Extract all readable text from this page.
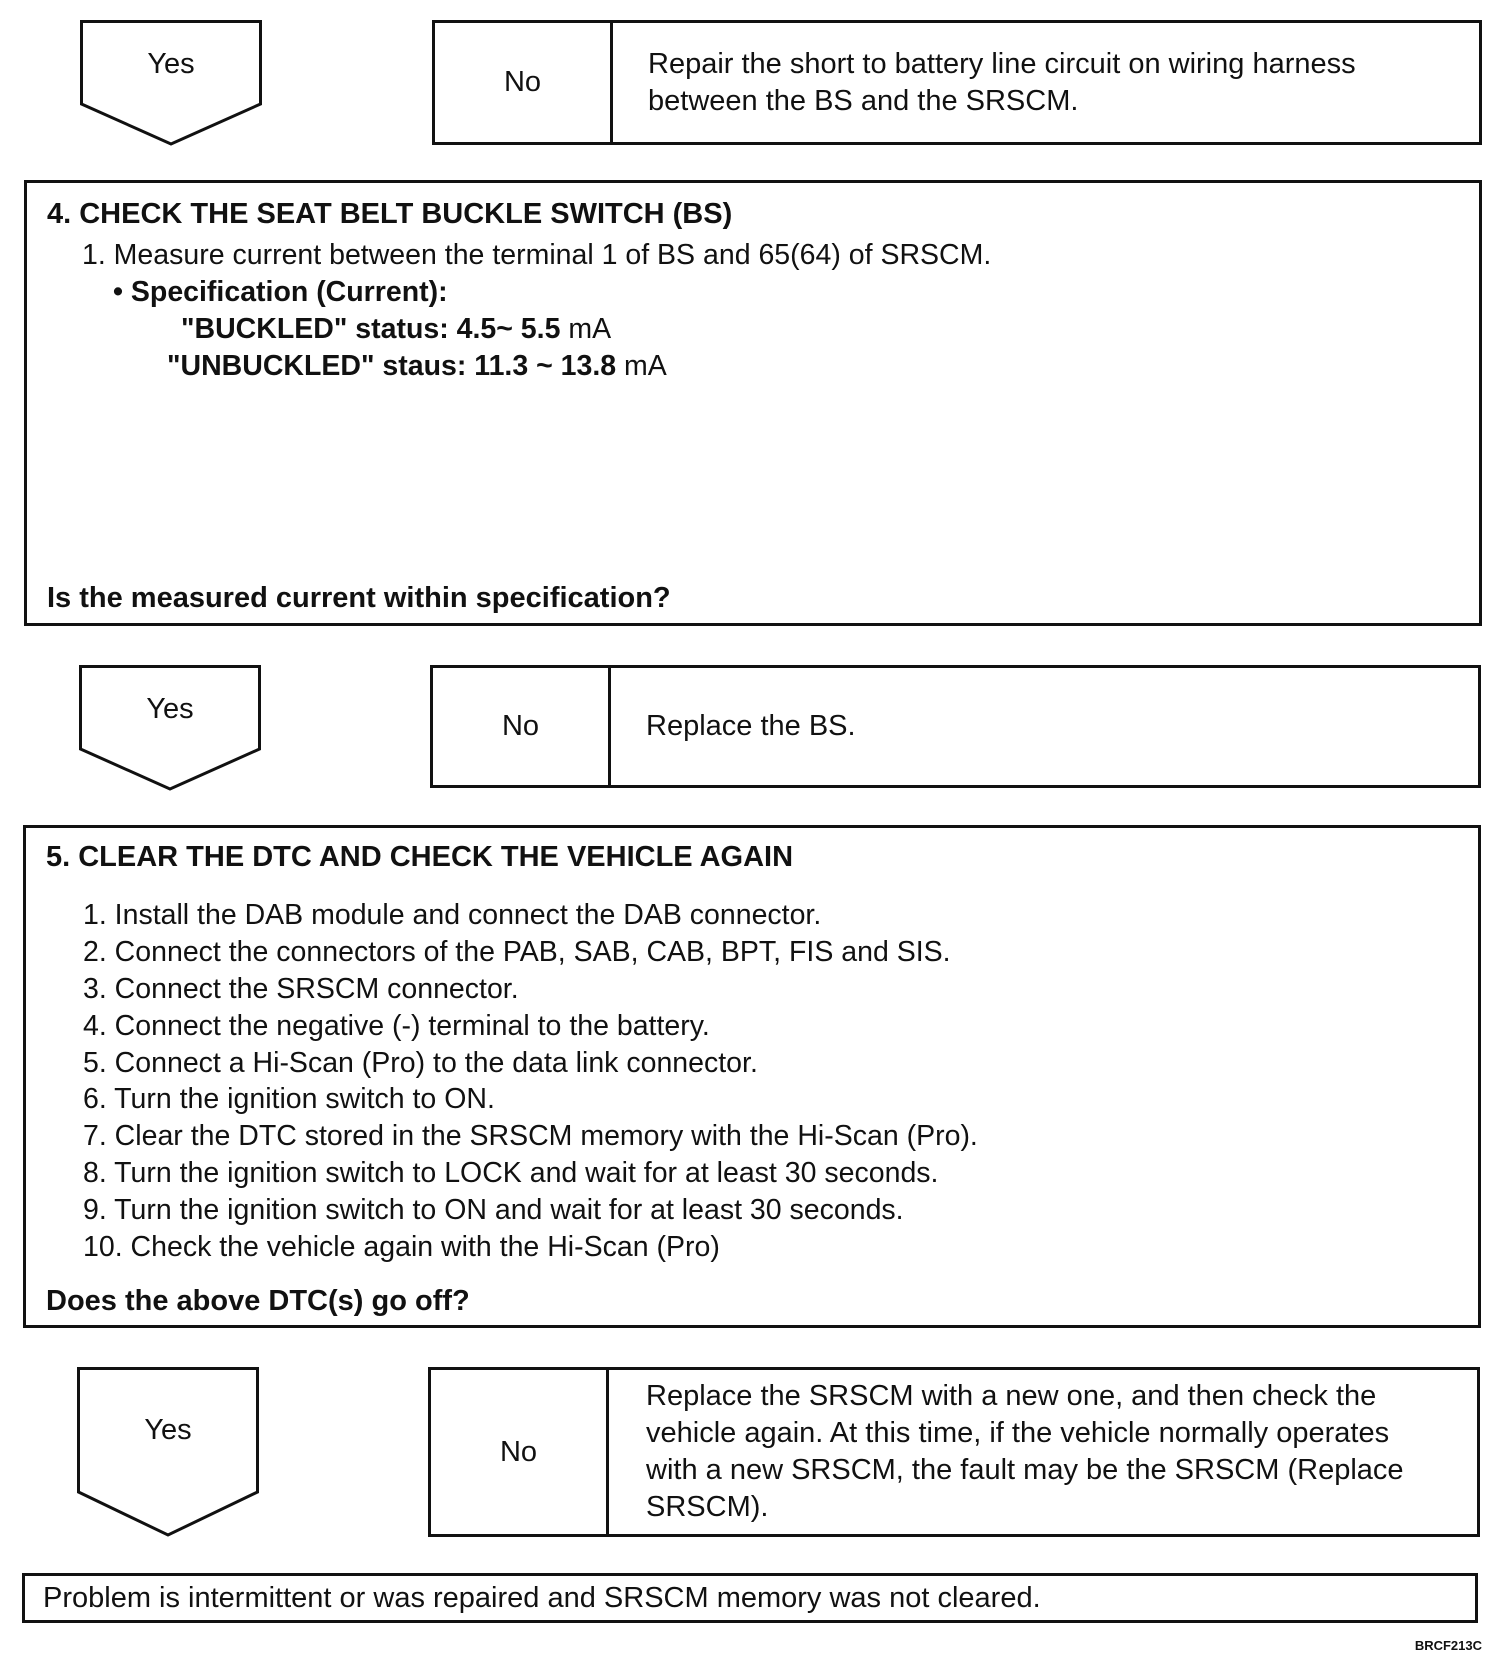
Yes
No
Repair the short to battery line circuit on wiring harness
between the BS and the SRSCM.
4. CHECK THE SEAT BELT BUCKLE SWITCH (BS)
1. Measure current between the terminal 1 of BS and 65(64) of SRSCM.
• Specification (Current):
"BUCKLED" status: 4.5~ 5.5 mA
"UNBUCKLED" staus: 11.3 ~ 13.8 mA
Is the measured current within specification?
Yes
No	Replace the BS.
5. CLEAR THE DTC AND CHECK THE VEHICLE AGAIN
1. Install the DAB module and connect the DAB connector.
2. Connect the connectors of the PAB, SAB, CAB, BPT, FIS and SIS.
3. Connect the SRSCM connector.
4. Connect the negative (-) terminal to the battery.
5. Connect a Hi-Scan (Pro) to the data link connector.
6. Turn the ignition switch to ON.
7. Clear the DTC stored in the SRSCM memory with the Hi-Scan (Pro).
8. Turn the ignition switch to LOCK and wait for at least 30 seconds.
9. Turn the ignition switch to ON and wait for at least 30 seconds.
10. Check the vehicle again with the Hi-Scan (Pro)
Does the above DTC(s) go off?
Yes
No
Replace the SRSCM with a new one, and then check the
vehicle again. At this time, if the vehicle normally operates
with a new SRSCM, the fault may be the SRSCM (Replace
SRSCM).
Problem is intermittent or was repaired and SRSCM memory was not cleared.
BRCF213C
